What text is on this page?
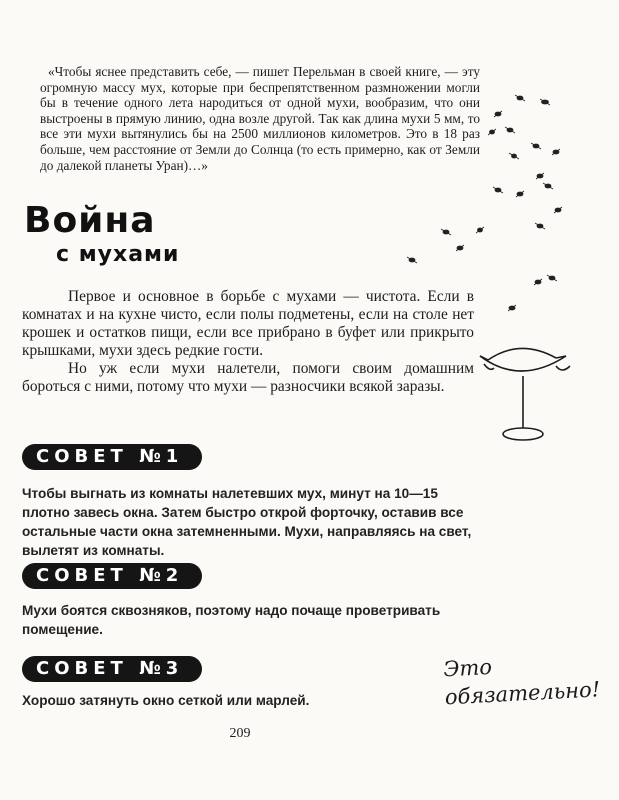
«Чтобы яснее представить себе, — пишет Перельман в своей книге, — эту огромную массу мух, которые при беспрепятственном размножении могли бы в течение одного лета народиться от одной мухи, вообразим, что они выстроены в прямую линию, одна возле другой. Так как длина мухи 5 мм, то все эти мухи вытянулись бы на 2500 миллионов километров. Это в 18 раз больше, чем расстояние от Земли до Солнца (то есть примерно, как от Земли до далекой планеты Уран)…»
Война
с мухами

Первое и основное в борьбе с мухами — чистота. Если в комнатах и на кухне чисто, если полы подметены, если на столе нет крошек и остатков пищи, если все прибрано в буфет или прикрыто крышками, мухи здесь редкие гости.

Но уж если мухи налетели, помоги своим домашним бороться с ними, потому что мухи — разносчики всякой заразы.

СОВЕТ №1
Чтобы выгнать из комнаты налетевших мух, минут на 10—15 плотно завесь окна. Затем быстро открой форточку, оставив все остальные части окна затемненными. Мухи, направляясь на свет, вылетят из комнаты.
СОВЕТ №2
Мухи боятся сквозняков, поэтому надо почаще проветривать помещение.
СОВЕТ №3
Хорошо затянуть окно сеткой или марлей.
Это обязательно!
209
